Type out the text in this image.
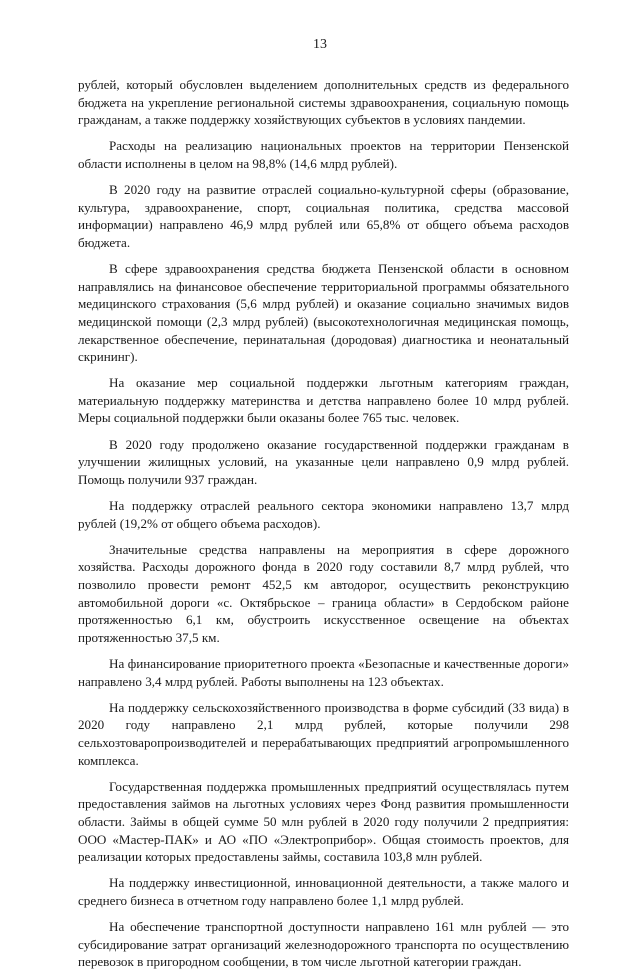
13

рублей, который обусловлен выделением дополнительных средств из федерального бюджета на укрепление региональной системы здравоохранения, социальную помощь гражданам, а также поддержку хозяйствующих субъектов в условиях пандемии.

Расходы на реализацию национальных проектов на территории Пензенской области исполнены в целом на 98,8% (14,6 млрд рублей).

В 2020 году на развитие отраслей социально-культурной сферы (образование, культура, здравоохранение, спорт, социальная политика, средства массовой информации) направлено 46,9 млрд рублей или 65,8% от общего объема расходов бюджета.

В сфере здравоохранения средства бюджета Пензенской области в основном направлялись на финансовое обеспечение территориальной программы обязательного медицинского страхования (5,6 млрд рублей) и оказание социально значимых видов медицинской помощи (2,3 млрд рублей) (высокотехнологичная медицинская помощь, лекарственное обеспечение, перинатальная (дородовая) диагностика и неонатальный скрининг).

На оказание мер социальной поддержки льготным категориям граждан, материальную поддержку материнства и детства направлено более 10 млрд рублей. Меры социальной поддержки были оказаны более 765 тыс. человек.

В 2020 году продолжено оказание государственной поддержки гражданам в улучшении жилищных условий, на указанные цели направлено 0,9 млрд рублей. Помощь получили 937 граждан.

На поддержку отраслей реального сектора экономики направлено 13,7 млрд рублей (19,2% от общего объема расходов).

Значительные средства направлены на мероприятия в сфере дорожного хозяйства. Расходы дорожного фонда в 2020 году составили 8,7 млрд рублей, что позволило провести ремонт 452,5 км автодорог, осуществить реконструкцию автомобильной дороги «с. Октябрьское – граница области» в Сердобском районе протяженностью 6,1 км, обустроить искусственное освещение на объектах протяженностью 37,5 км.

На финансирование приоритетного проекта «Безопасные и качественные дороги» направлено 3,4 млрд рублей. Работы выполнены на 123 объектах.

На поддержку сельскохозяйственного производства в форме субсидий (33 вида) в 2020 году направлено 2,1 млрд рублей, которые получили 298 сельхозтоваропроизводителей и перерабатывающих предприятий агропромышленного комплекса.

Государственная поддержка промышленных предприятий осуществлялась путем предоставления займов на льготных условиях через Фонд развития промышленности области. Займы в общей сумме 50 млн рублей в 2020 году получили 2 предприятия: ООО «Мастер-ПАК» и АО «ПО «Электроприбор». Общая стоимость проектов, для реализации которых предоставлены займы, составила 103,8 млн рублей.

На поддержку инвестиционной, инновационной деятельности, а также малого и среднего бизнеса в отчетном году направлено более 1,1 млрд рублей.

На обеспечение транспортной доступности направлено 161 млн рублей — это субсидирование затрат организаций железнодорожного транспорта по осуществлению перевозок в пригородном сообщении, в том числе льготной категории граждан.
